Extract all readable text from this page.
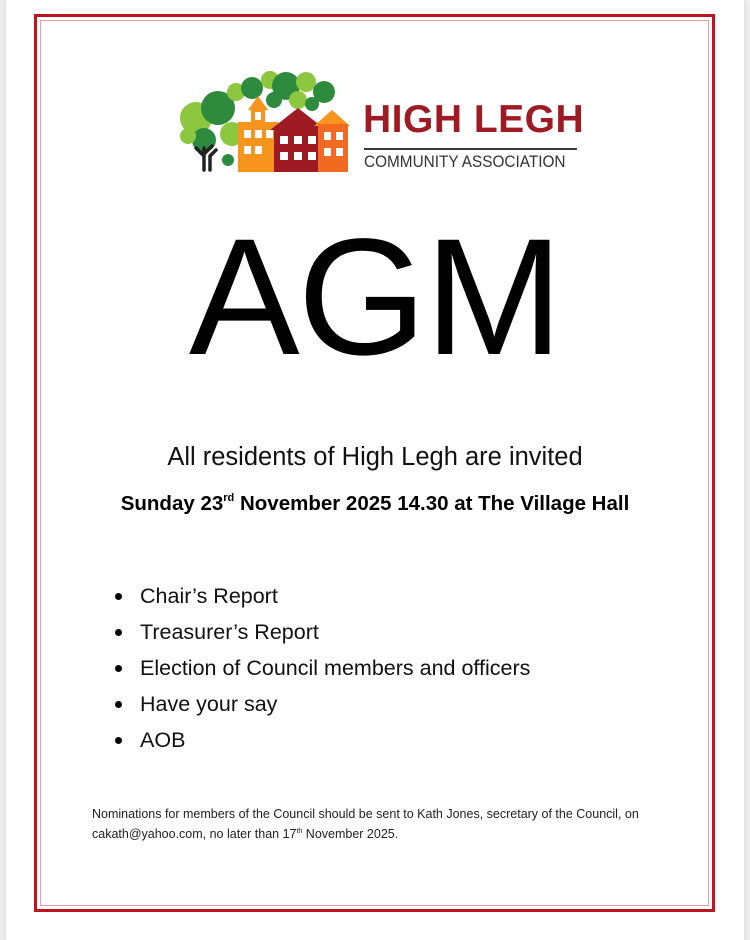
HIGH LEGH
COMMUNITY ASSOCIATION
AGM
All residents of High Legh are invited
Sunday 23rd November 2025 14.30 at The Village Hall
Chair’s Report
Treasurer’s Report
Election of Council members and officers
Have your say
AOB
Nominations for members of the Council should be sent to Kath Jones, secretary of the Council, on cakath@yahoo.com, no later than 17th November 2025.
